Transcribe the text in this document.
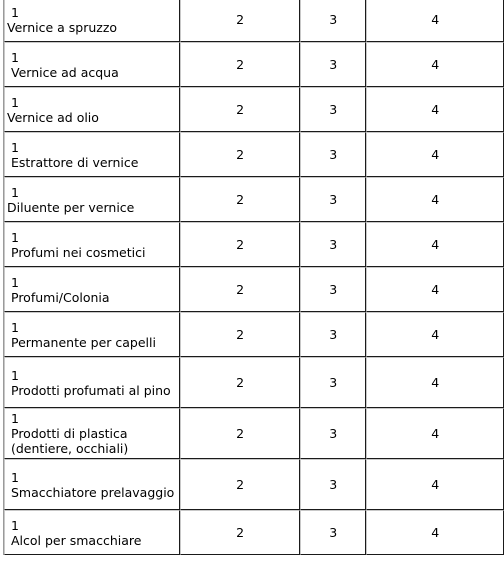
1
Vernice a spruzzo	2	3	4

1
Vernice ad acqua	2	3	4

1
Vernice ad olio	2	3	4

1
Estrattore di vernice	2	3	4

1
Diluente per vernice	2	3	4

1
Profumi nei cosmetici	2	3	4

1
Profumi/Colonia	2	3	4

1
Permanente per capelli	2	3	4

1
Prodotti profumati al pino	2	3	4

1
Prodotti di plastica (dentiere, occhiali)	2	3	4

1
Smacchiatore prelavaggio	2	3	4

1
Alcol per smacchiare	2	3	4
